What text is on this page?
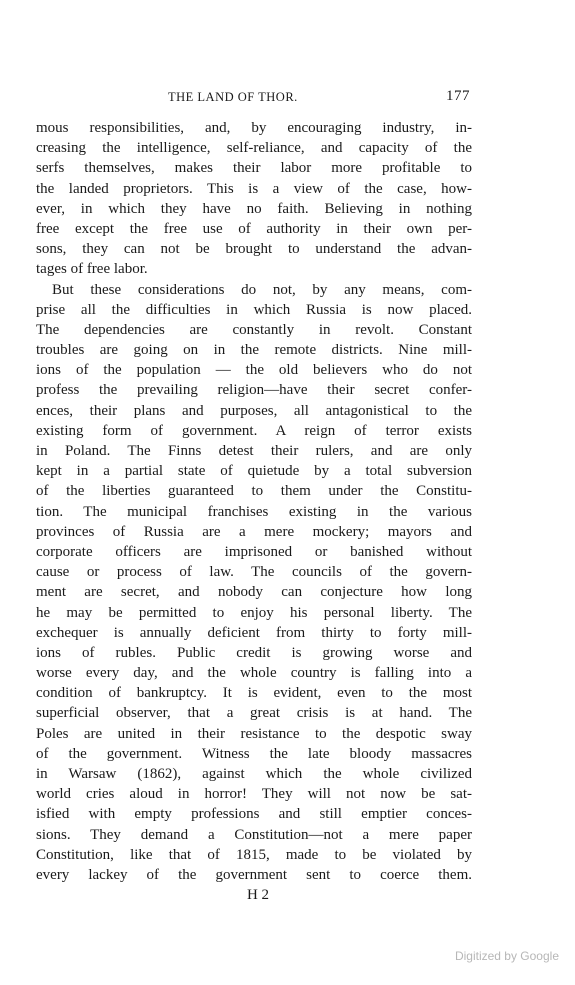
THE LAND OF THOR.	177
mous responsibilities, and, by encouraging industry, in-
creasing the intelligence, self-reliance, and capacity of the
serfs themselves, makes their labor more profitable to
the landed proprietors. This is a view of the case, how-
ever, in which they have no faith. Believing in nothing
free except the free use of authority in their own per-
sons, they can not be brought to understand the advan-
tages of free labor.
But these considerations do not, by any means, com-
prise all the difficulties in which Russia is now placed.
The dependencies are constantly in revolt. Constant
troubles are going on in the remote districts. Nine mill-
ions of the population — the old believers who do not
profess the prevailing religion—have their secret confer-
ences, their plans and purposes, all antagonistical to the
existing form of government. A reign of terror exists
in Poland. The Finns detest their rulers, and are only
kept in a partial state of quietude by a total subversion
of the liberties guaranteed to them under the Constitu-
tion. The municipal franchises existing in the various
provinces of Russia are a mere mockery; mayors and
corporate officers are imprisoned or banished without
cause or process of law. The councils of the govern-
ment are secret, and nobody can conjecture how long
he may be permitted to enjoy his personal liberty. The
exchequer is annually deficient from thirty to forty mill-
ions of rubles. Public credit is growing worse and
worse every day, and the whole country is falling into a
condition of bankruptcy. It is evident, even to the most
superficial observer, that a great crisis is at hand. The
Poles are united in their resistance to the despotic sway
of the government. Witness the late bloody massacres
in Warsaw (1862), against which the whole civilized
world cries aloud in horror! They will not now be sat-
isfied with empty professions and still emptier conces-
sions. They demand a Constitution—not a mere paper
Constitution, like that of 1815, made to be violated by
every lackey of the government sent to coerce them.
H 2
Digitized by Google
